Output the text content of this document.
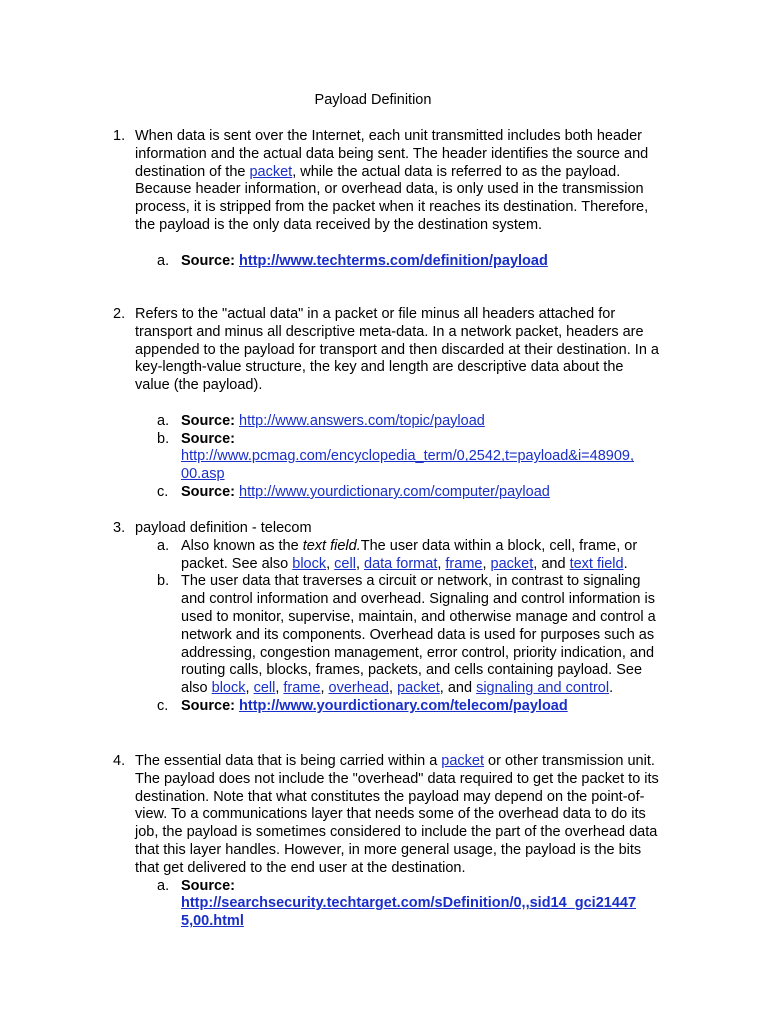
Payload Definition
1. When data is sent over the Internet, each unit transmitted includes both header information and the actual data being sent. The header identifies the source and destination of the packet, while the actual data is referred to as the payload. Because header information, or overhead data, is only used in the transmission process, it is stripped from the packet when it reaches its destination. Therefore, the payload is the only data received by the destination system.
a. Source: http://www.techterms.com/definition/payload
2. Refers to the "actual data" in a packet or file minus all headers attached for transport and minus all descriptive meta-data. In a network packet, headers are appended to the payload for transport and then discarded at their destination. In a key-length-value structure, the key and length are descriptive data about the value (the payload).
a. Source: http://www.answers.com/topic/payload
b. Source:
http://www.pcmag.com/encyclopedia_term/0,2542,t=payload&i=48909,
00.asp
c. Source: http://www.yourdictionary.com/computer/payload
3. payload definition - telecom
a. Also known as the text field.The user data within a block, cell, frame, or packet. See also block, cell, data format, frame, packet, and text field.
b. The user data that traverses a circuit or network, in contrast to signaling and control information and overhead. Signaling and control information is used to monitor, supervise, maintain, and otherwise manage and control a network and its components. Overhead data is used for purposes such as addressing, congestion management, error control, priority indication, and routing calls, blocks, frames, packets, and cells containing payload. See also block, cell, frame, overhead, packet, and signaling and control.
c. Source: http://www.yourdictionary.com/telecom/payload
4. The essential data that is being carried within a packet or other transmission unit. The payload does not include the "overhead" data required to get the packet to its destination. Note that what constitutes the payload may depend on the point-of-view. To a communications layer that needs some of the overhead data to do its job, the payload is sometimes considered to include the part of the overhead data that this layer handles. However, in more general usage, the payload is the bits that get delivered to the end user at the destination.
a. Source:
http://searchsecurity.techtarget.com/sDefinition/0,,sid14_gci21447
5,00.html
